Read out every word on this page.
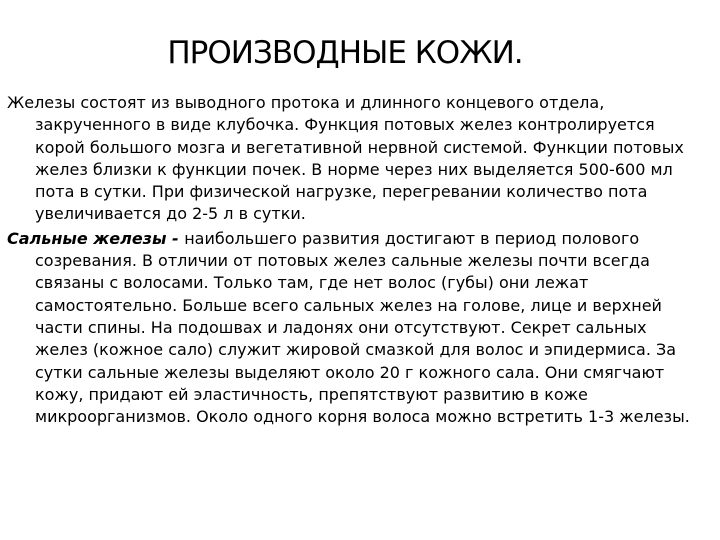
ПРОИЗВОДНЫЕ КОЖИ.

Железы состоят из выводного протока и длинного концевого отдела, закрученного в виде клубочка. Функция потовых желез контролируется корой большого мозга и вегетативной нервной системой. Функции потовых желез близки к функции почек. В норме через них выделяется 500-600 мл пота в сутки. При физической нагрузке, перегревании количество пота увеличивается до 2-5 л в сутки.

Сальные железы - наибольшего развития достигают в период полового созревания. В отличии от потовых желез сальные железы почти всегда связаны с волосами. Только там, где нет волос (губы) они лежат самостоятельно. Больше всего сальных желез на голове, лице и верхней части спины. На подошвах и ладонях они отсутствуют. Секрет сальных желез (кожное сало) служит жировой смазкой для волос и эпидермиса. За сутки сальные железы выделяют около 20 г кожного сала. Они смягчают кожу, придают ей эластичность, препятствуют развитию в коже микроорганизмов. Около одного корня волоса можно встретить 1-3 железы.
